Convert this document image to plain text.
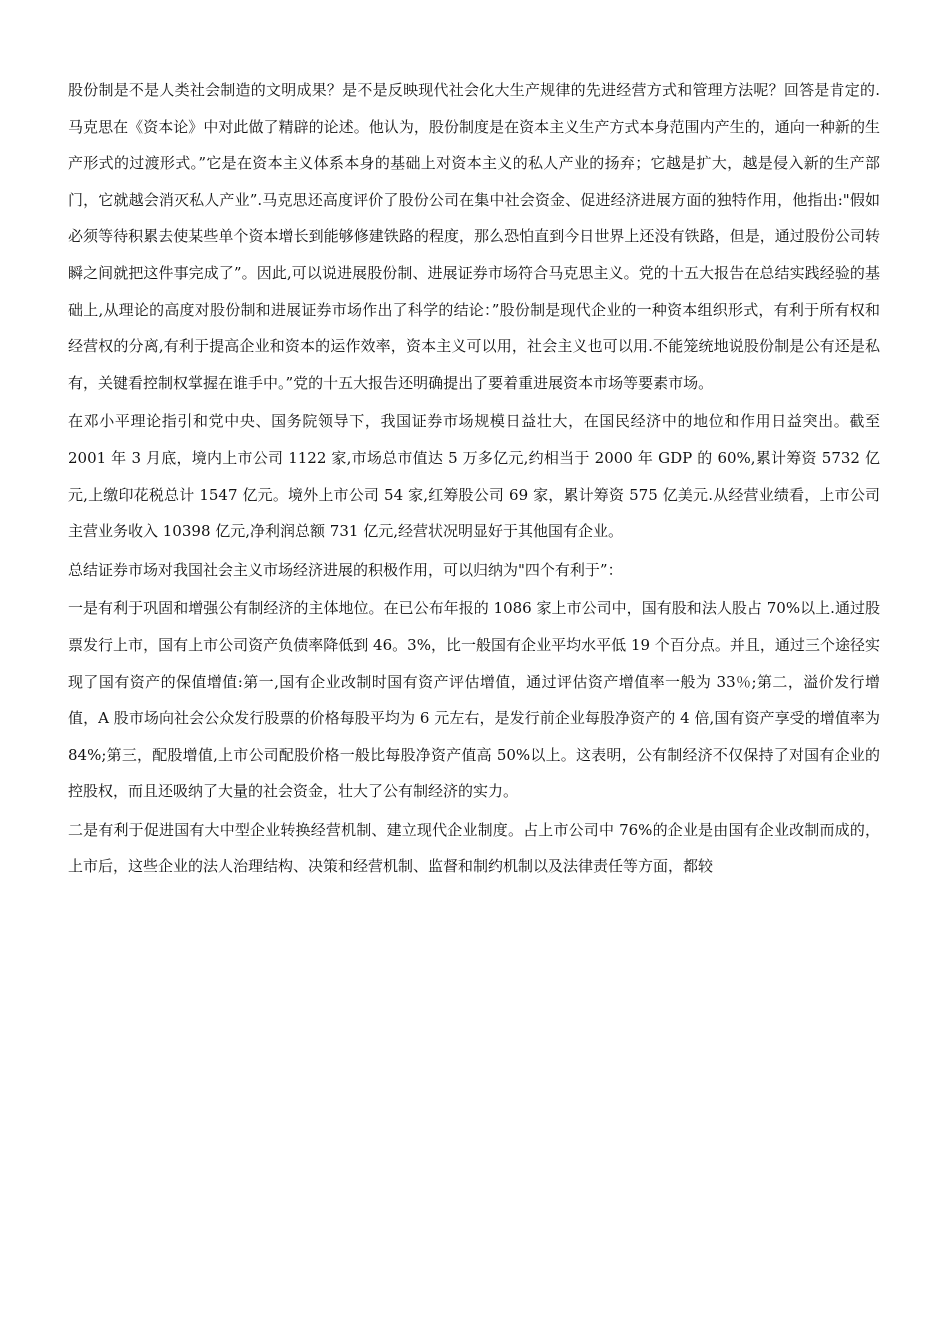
股份制是不是人类社会制造的文明成果？是不是反映现代社会化大生产规律的先进经营方式和管理方法呢？回答是肯定的.马克思在《资本论》中对此做了精辟的论述。他认为，股份制度是在资本主义生产方式本身范围内产生的，通向一种新的生产形式的过渡形式。”它是在资本主义体系本身的基础上对资本主义的私人产业的扬弃；它越是扩大，越是侵入新的生产部门，它就越会消灭私人产业”.马克思还高度评价了股份公司在集中社会资金、促进经济进展方面的独特作用，他指出:"假如必须等待积累去使某些单个资本增长到能够修建铁路的程度，那么恐怕直到今日世界上还没有铁路，但是，通过股份公司转瞬之间就把这件事完成了”。因此,可以说进展股份制、进展证券市场符合马克思主义。党的十五大报告在总结实践经验的基础上,从理论的高度对股份制和进展证券市场作出了科学的结论：”股份制是现代企业的一种资本组织形式，有利于所有权和经营权的分离,有利于提高企业和资本的运作效率，资本主义可以用，社会主义也可以用.不能笼统地说股份制是公有还是私有，关键看控制权掌握在谁手中。”党的十五大报告还明确提出了要着重进展资本市场等要素市场。

在邓小平理论指引和党中央、国务院领导下，我国证券市场规模日益壮大，在国民经济中的地位和作用日益突出。截至 2001 年 3 月底，境内上市公司 1122 家,市场总市值达 5 万多亿元,约相当于 2000 年 GDP 的 60%,累计筹资 5732 亿元,上缴印花税总计 1547 亿元。境外上市公司 54 家,红筹股公司 69 家，累计筹资 575 亿美元.从经营业绩看，上市公司主营业务收入 10398 亿元,净利润总额 731 亿元,经营状况明显好于其他国有企业。

总结证券市场对我国社会主义市场经济进展的积极作用，可以归纳为"四个有利于”：

一是有利于巩固和增强公有制经济的主体地位。在已公布年报的 1086 家上市公司中，国有股和法人股占 70%以上.通过股票发行上市，国有上市公司资产负债率降低到 46。3%，比一般国有企业平均水平低 19 个百分点。并且，通过三个途径实现了国有资产的保值增值:第一,国有企业改制时国有资产评估增值，通过评估资产增值率一般为 33％;第二，溢价发行增值，A 股市场向社会公众发行股票的价格每股平均为 6 元左右，是发行前企业每股净资产的 4 倍,国有资产享受的增值率为 84%;第三，配股增值,上市公司配股价格一般比每股净资产值高 50%以上。这表明，公有制经济不仅保持了对国有企业的控股权，而且还吸纳了大量的社会资金，壮大了公有制经济的实力。

二是有利于促进国有大中型企业转换经营机制、建立现代企业制度。占上市公司中 76%的企业是由国有企业改制而成的，上市后，这些企业的法人治理结构、决策和经营机制、监督和制约机制以及法律责任等方面，都较
